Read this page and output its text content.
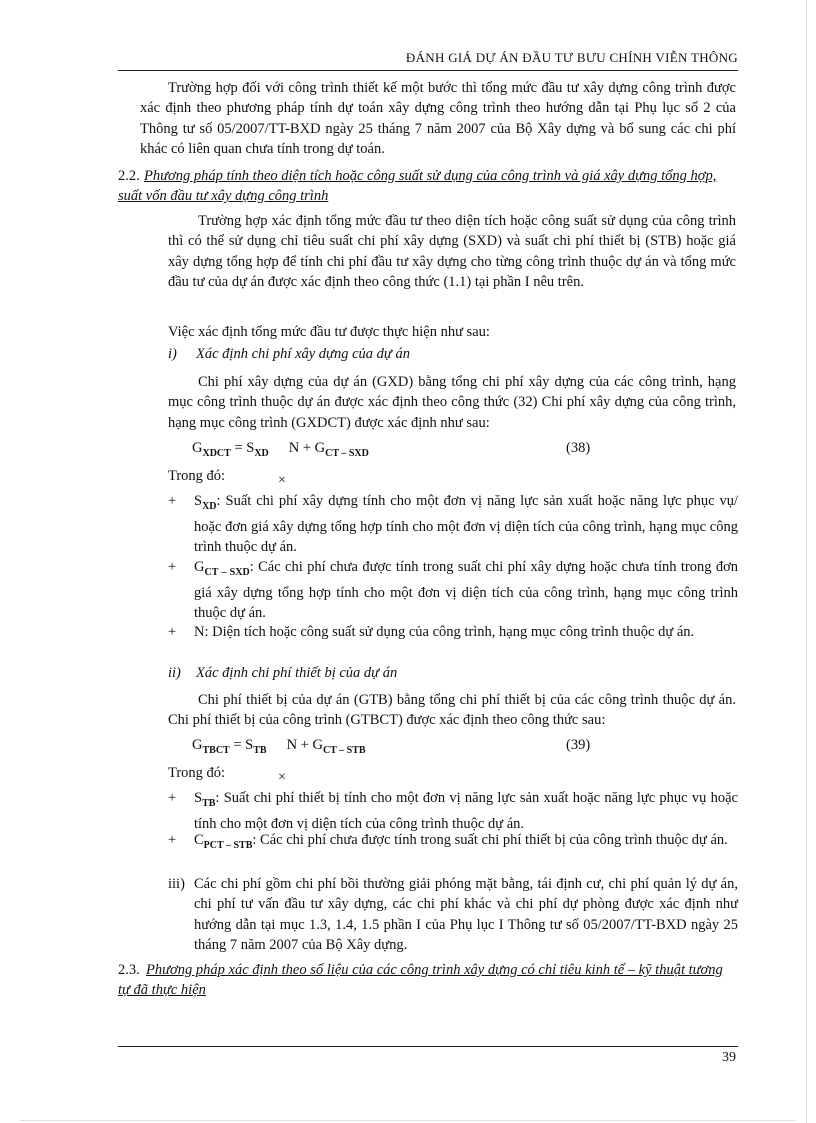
ĐÁNH GIÁ DỰ ÁN ĐẦU TƯ BƯU CHÍNH VIỄN THÔNG
Trường hợp đối với công trình thiết kế một bước thì tổng mức đầu tư xây dựng công trình được xác định theo phương pháp tính dự toán xây dựng công trình theo hướng dẫn tại Phụ lục số 2 của Thông tư số 05/2007/TT-BXD ngày 25 tháng 7 năm 2007 của Bộ Xây dựng và bổ sung các chi phí khác có liên quan chưa tính trong dự toán.
2.2. Phương pháp tính theo diện tích hoặc công suất sử dụng của công trình và giá xây dựng tổng hợp, suất vốn đầu tư xây dựng công trình
Trường hợp xác định tổng mức đầu tư theo diện tích hoặc công suất sử dụng của công trình thì có thể sử dụng chỉ tiêu suất chi phí xây dựng (SXD) và suất chi phí thiết bị (STB) hoặc giá xây dựng tổng hợp để tính chi phí đầu tư xây dựng cho từng công trình thuộc dự án và tổng mức đầu tư của dự án được xác định theo công thức (1.1) tại phần I nêu trên.
Việc xác định tổng mức đầu tư được thực hiện như sau:
i) Xác định chi phí xây dựng của dự án
Chi phí xây dựng của dự án (GXD) bằng tổng chi phí xây dựng của các công trình, hạng mục công trình thuộc dự án được xác định theo công thức (32) Chi phí xây dựng của công trình, hạng mục công trình (GXDCT) được xác định như sau:
$G_{XDCT} = S_{XD}$ $N + G_{CT - SXD}$	(38)
Trong đó:	×
+ $S_{XD}$: Suất chi phí xây dựng tính cho một đơn vị năng lực sản xuất hoặc năng lực phục vụ/ hoặc đơn giá xây dựng tổng hợp tính cho một đơn vị diện tích của công trình, hạng mục công trình thuộc dự án.
+ $G_{CT - SXD}$: Các chi phí chưa được tính trong suất chi phí xây dựng hoặc chưa tính trong đơn giá xây dựng tổng hợp tính cho một đơn vị diện tích của công trình, hạng mục công trình thuộc dự án.
+ N: Diện tích hoặc công suất sử dụng của công trình, hạng mục công trình thuộc dự án.
ii) Xác định chi phí thiết bị của dự án
Chi phí thiết bị của dự án (GTB) bằng tổng chi phí thiết bị của các công trình thuộc dự án. Chi phí thiết bị của công trình (GTBCT) được xác định theo công thức sau:
$G_{TBCT} = S_{TB}$ $N + G_{CT - STB}$	(39)
Trong đó:	×
+ $S_{TB}$: Suất chi phí thiết bị tính cho một đơn vị năng lực sản xuất hoặc năng lực phục vụ hoặc tính cho một đơn vị diện tích của công trình thuộc dự án.
+ $C_{PCT - STB}$: Các chi phí chưa được tính trong suất chi phí thiết bị của công trình thuộc dự án.
iii) Các chi phí gồm chi phí bồi thường giải phóng mặt bằng, tái định cư, chi phí quản lý dự án, chi phí tư vấn đầu tư xây dựng, các chi phí khác và chi phí dự phòng được xác định như hướng dẫn tại mục 1.3, 1.4, 1.5 phần I của Phụ lục I Thông tư số 05/2007/TT-BXD ngày 25 tháng 7 năm 2007 của Bộ Xây dựng.
2.3. Phương pháp xác định theo số liệu của các công trình xây dựng có chỉ tiêu kinh tế – kỹ thuật tương tự đã thực hiện
39
